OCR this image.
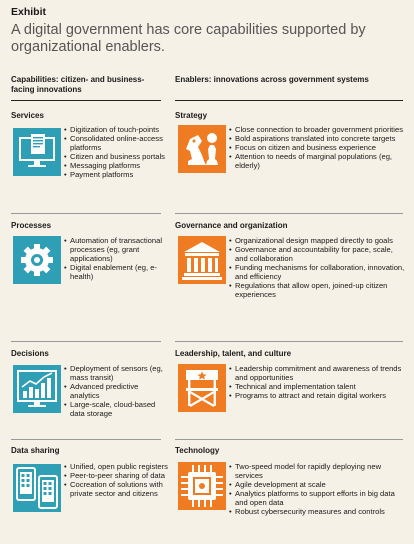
Exhibit
A digital government has core capabilities supported by organizational enablers.
Capabilities: citizen- and business-facing innovations
Enablers: innovations across government systems
Services
• Digitization of touch-points
• Consolidated online-access platforms
• Citizen and business portals
• Messaging platforms
• Payment platforms
Processes
• Automation of transactional processes (eg, grant applications)
• Digital enablement (eg, e-health)
Decisions
• Deployment of sensors (eg, mass transit)
• Advanced predictive analytics
• Large-scale, cloud-based data storage
Data sharing
• Unified, open public registers
• Peer-to-peer sharing of data
• Cocreation of solutions with private sector and citizens
Strategy
• Close connection to broader government priorities
• Bold aspirations translated into concrete targets
• Focus on citizen and business experience
• Attention to needs of marginal populations (eg, elderly)
Governance and organization
• Organizational design mapped directly to goals
• Governance and accountability for pace, scale, and collaboration
• Funding mechanisms for collaboration, innovation, and efficiency
• Regulations that allow open, joined-up citizen experiences
Leadership, talent, and culture
• Leadership commitment and awareness of trends and opportunities
• Technical and implementation talent
• Programs to attract and retain digital workers
Technology
• Two-speed model for rapidly deploying new services
• Agile development at scale
• Analytics platforms to support efforts in big data and open data
• Robust cybersecurity measures and controls
